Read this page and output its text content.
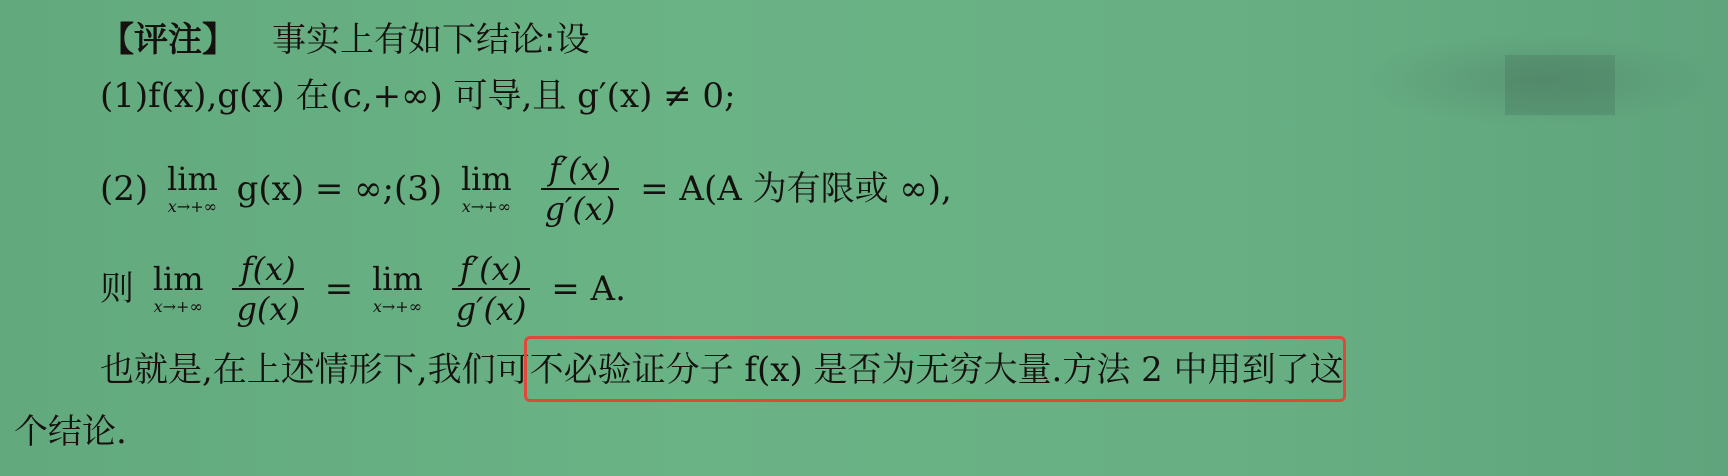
【评注】 事实上有如下结论:设
(1)f(x),g(x) 在(c,+∞) 可导,且 g′(x) ≠ 0;
(2) lim
x→+∞ g(x) = ∞;(3) lim
x→+∞
$\frac{f'(x)}{g'(x)} = A(A$ 为有限或 ∞),
则 lim
x→+∞
$\frac{f(x)}{g(x)} = \lim$
x→+∞
$\frac{f'(x)}{g'(x)} = A$.
也就是,在上述情形下,我们可不必验证分子 f(x) 是否为无穷大量.方法 2 中用到了这
个结论.
